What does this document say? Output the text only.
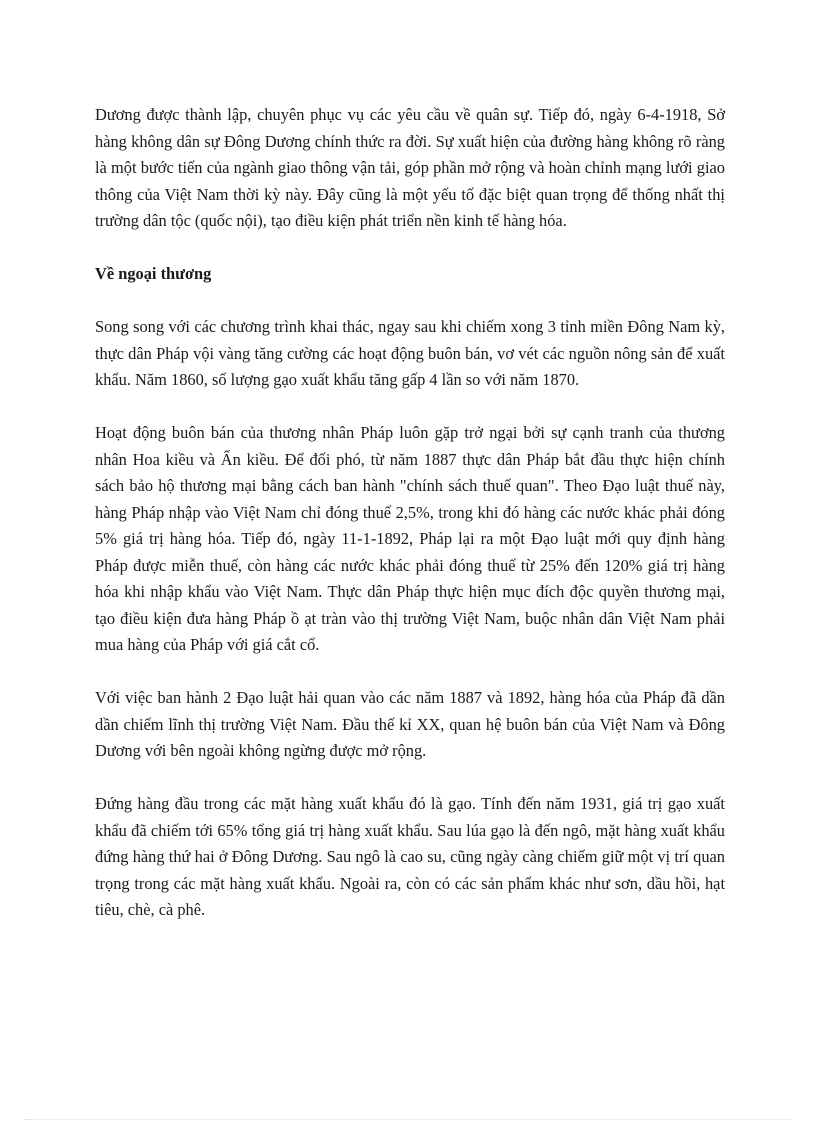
Dương được thành lập, chuyên phục vụ các yêu cầu về quân sự. Tiếp đó, ngày 6-4-1918, Sở hàng không dân sự Đông Dương chính thức ra đời. Sự xuất hiện của đường hàng không rõ ràng là một bước tiến của ngành giao thông vận tải, góp phần mở rộng và hoàn chỉnh mạng lưới giao thông của Việt Nam thời kỳ này. Đây cũng là một yếu tố đặc biệt quan trọng để thống nhất thị trường dân tộc (quốc nội), tạo điều kiện phát triển nền kinh tế hàng hóa.

Về ngoại thương

Song song với các chương trình khai thác, ngay sau khi chiếm xong 3 tỉnh miền Đông Nam kỳ, thực dân Pháp vội vàng tăng cường các hoạt động buôn bán, vơ vét các nguồn nông sản để xuất khẩu. Năm 1860, số lượng gạo xuất khẩu tăng gấp 4 lần so với năm 1870.

Hoạt động buôn bán của thương nhân Pháp luôn gặp trở ngại bởi sự cạnh tranh của thương nhân Hoa kiều và Ấn kiều. Để đối phó, từ năm 1887 thực dân Pháp bắt đầu thực hiện chính sách bảo hộ thương mại bằng cách ban hành "chính sách thuế quan". Theo Đạo luật thuế này, hàng Pháp nhập vào Việt Nam chỉ đóng thuế 2,5%, trong khi đó hàng các nước khác phải đóng 5% giá trị hàng hóa. Tiếp đó, ngày 11-1-1892, Pháp lại ra một Đạo luật mới quy định hàng Pháp được miễn thuế, còn hàng các nước khác phải đóng thuế từ 25% đến 120% giá trị hàng hóa khi nhập khẩu vào Việt Nam. Thực dân Pháp thực hiện mục đích độc quyền thương mại, tạo điều kiện đưa hàng Pháp ồ ạt tràn vào thị trường Việt Nam, buộc nhân dân Việt Nam phải mua hàng của Pháp với giá cắt cổ.

Với việc ban hành 2 Đạo luật hải quan vào các năm 1887 và 1892, hàng hóa của Pháp đã dần dần chiếm lĩnh thị trường Việt Nam. Đầu thế kỉ XX, quan hệ buôn bán của Việt Nam và Đông Dương với bên ngoài không ngừng được mở rộng.

Đứng hàng đầu trong các mặt hàng xuất khẩu đó là gạo. Tính đến năm 1931, giá trị gạo xuất khẩu đã chiếm tới 65% tổng giá trị hàng xuất khẩu. Sau lúa gạo là đến ngô, mặt hàng xuất khẩu đứng hàng thứ hai ở Đông Dương. Sau ngô là cao su, cũng ngày càng chiếm giữ một vị trí quan trọng trong các mặt hàng xuất khẩu. Ngoài ra, còn có các sản phẩm khác như sơn, dầu hồi, hạt tiêu, chè, cà phê.
